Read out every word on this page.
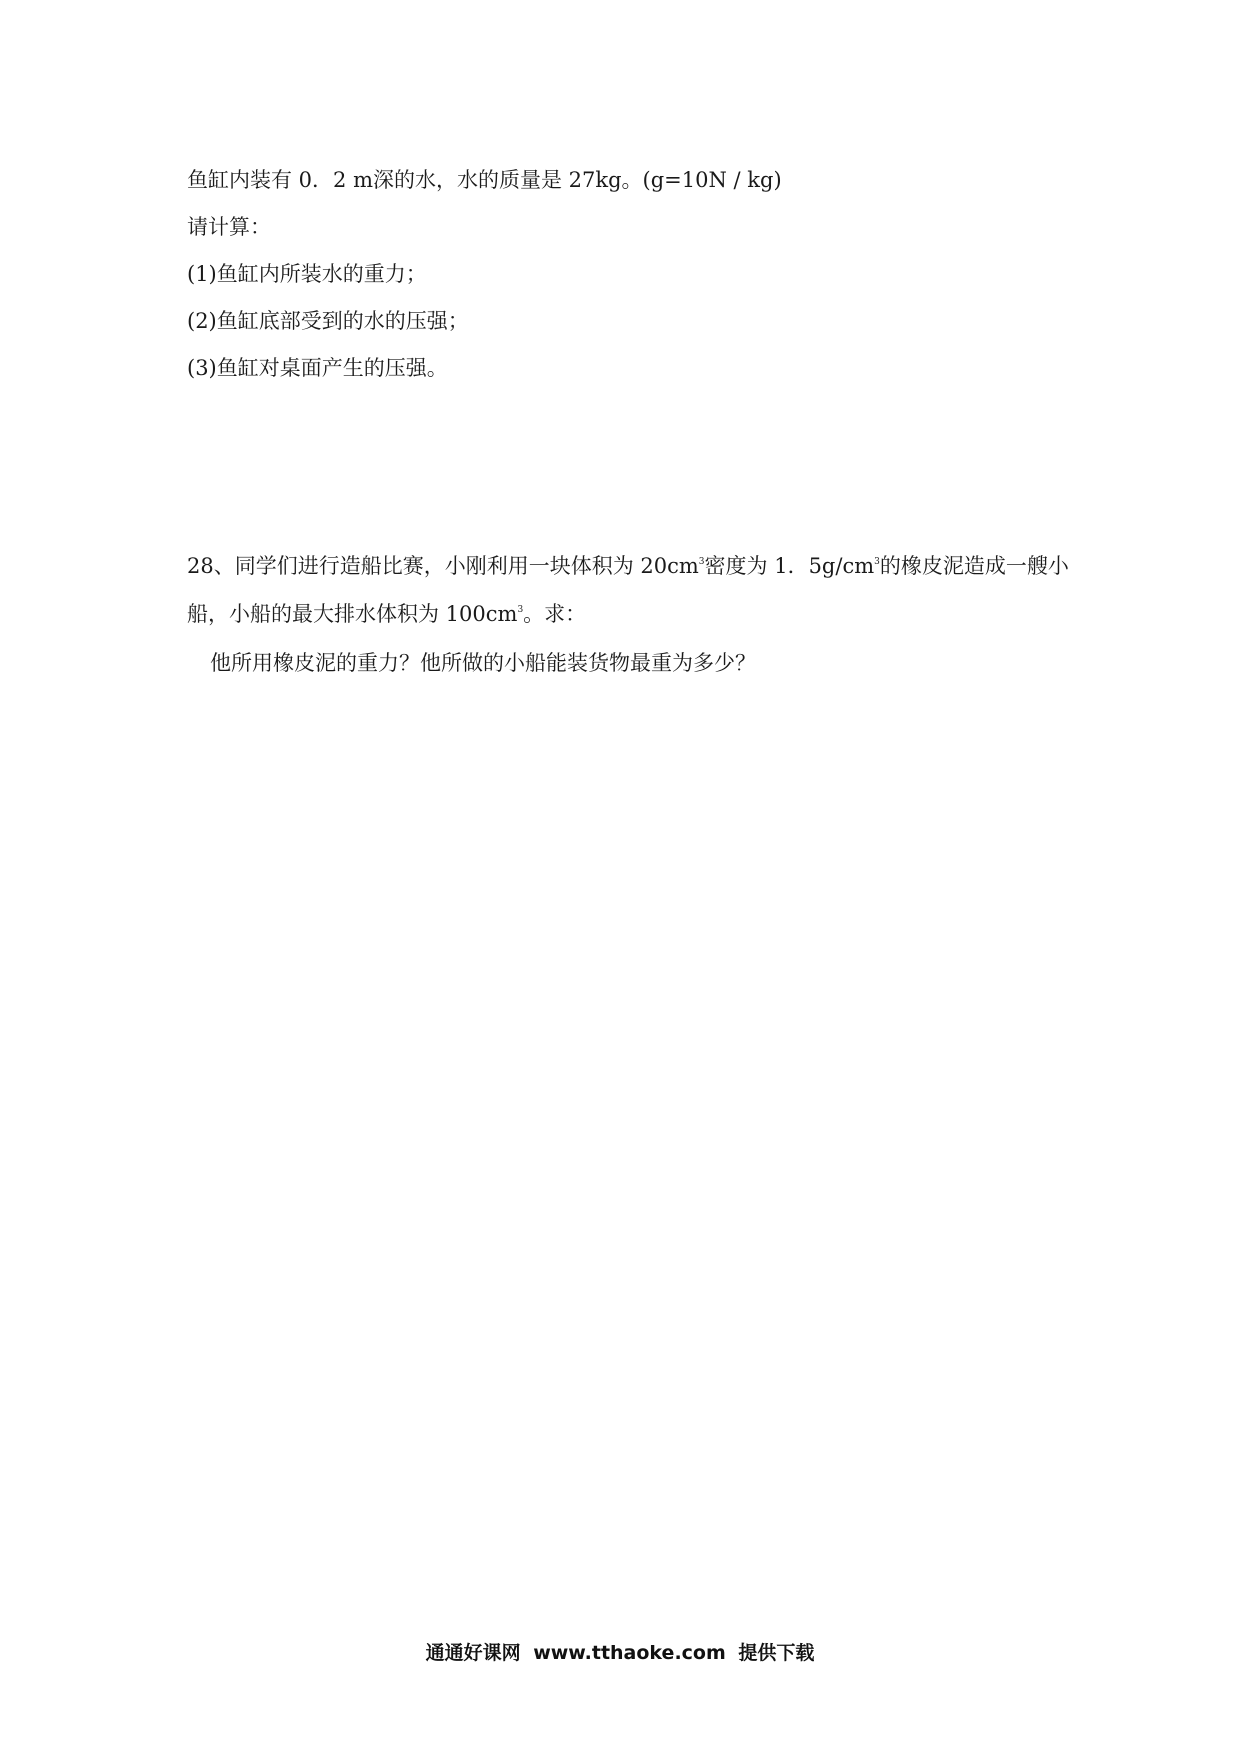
鱼缸内装有 0．2 m深的水，水的质量是 27kg。(g=10N / kg)
请计算：
(1)鱼缸内所装水的重力；
(2)鱼缸底部受到的水的压强；
(3)鱼缸对桌面产生的压强。
28、同学们进行造船比赛，小刚利用一块体积为 $20cm^3$密度为 1．$5g/cm^3$的橡皮泥造成一艘小
船，小船的最大排水体积为 $100cm^3$。求：
他所用橡皮泥的重力？他所做的小船能装货物最重为多少？
通通好课网 www.tthaoke.com 提供下载
